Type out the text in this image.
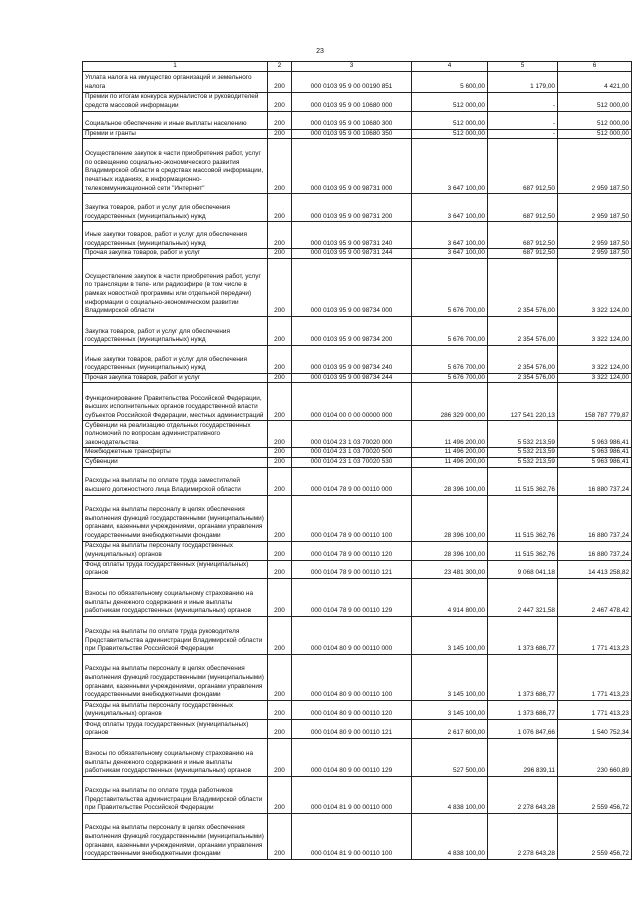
23
1	2	3	4	5	6
Уплата налога на имущество организаций и земельного налога	200	000 0103 95 9 00 00190 851	5 600,00	1 179,00	4 421,00
Премии по итогам конкурса журналистов и руководителей средств массовой информации	200	000 0103 95 9 00 10680 000	512 000,00	-	512 000,00
Социальное обеспечение и иные выплаты населению	200	000 0103 95 9 00 10680 300	512 000,00	-	512 000,00
Премии и гранты	200	000 0103 95 9 00 10680 350	512 000,00	-	512 000,00
Осуществление закупок в части приобретения работ, услуг по освещению социально-экономического развития Владимирской области в средствах массовой информации, печатных изданиях, в информационно-телекоммуникационной сети "Интернет"	200	000 0103 95 9 00 98731 000	3 647 100,00	687 912,50	2 959 187,50
Закупка товаров, работ и услуг для обеспечения государственных (муниципальных) нужд	200	000 0103 95 9 00 98731 200	3 647 100,00	687 912,50	2 959 187,50
Иные закупки товаров, работ и услуг для обеспечения государственных (муниципальных) нужд	200	000 0103 95 9 00 98731 240	3 647 100,00	687 912,50	2 959 187,50
Прочая закупка товаров, работ и услуг	200	000 0103 95 9 00 98731 244	3 647 100,00	687 912,50	2 959 187,50
Осуществление закупок в части приобретения работ, услуг по трансляции в теле- или радиоэфире (в том числе в рамках новостной программы или отдельной передачи) информации о социально-экономическом развитии Владимирской области	200	000 0103 95 9 00 98734 000	5 676 700,00	2 354 576,00	3 322 124,00
Закупка товаров, работ и услуг для обеспечения государственных (муниципальных) нужд	200	000 0103 95 9 00 98734 200	5 676 700,00	2 354 576,00	3 322 124,00
Иные закупки товаров, работ и услуг для обеспечения государственных (муниципальных) нужд	200	000 0103 95 9 00 98734 240	5 676 700,00	2 354 576,00	3 322 124,00
Прочая закупка товаров, работ и услуг	200	000 0103 95 9 00 98734 244	5 676 700,00	2 354 576,00	3 322 124,00
Функционирование Правительства Российской Федерации, высших исполнительных органов государственной власти субъектов Российской Федерации, местных администраций	200	000 0104 00 0 00 00000 000	286 329 000,00	127 541 220,13	158 787 779,87
Субвенции на реализацию отдельных государственных полномочий по вопросам административного законодательства	200	000 0104 23 1 03 70020 000	11 496 200,00	5 532 213,59	5 963 986,41
Межбюджетные трансферты	200	000 0104 23 1 03 70020 500	11 496 200,00	5 532 213,59	5 963 986,41
Субвенции	200	000 0104 23 1 03 70020 530	11 496 200,00	5 532 213,59	5 963 986,41
Расходы на выплаты по оплате труда заместителей высшего должностного лица Владимирской области	200	000 0104 78 9 00 00110 000	28 396 100,00	11 515 362,76	16 880 737,24
Расходы на выплаты персоналу в целях обеспечения выполнения функций государственными (муниципальными) органами, казенными учреждениями, органами управления государственными внебюджетными фондами	200	000 0104 78 9 00 00110 100	28 396 100,00	11 515 362,76	16 880 737,24
Расходы на выплаты персоналу государственных (муниципальных) органов	200	000 0104 78 9 00 00110 120	28 396 100,00	11 515 362,76	16 880 737,24
Фонд оплаты труда государственных (муниципальных) органов	200	000 0104 78 9 00 00110 121	23 481 300,00	9 068 041,18	14 413 258,82
Взносы по обязательному социальному страхованию на выплаты денежного содержания и иные выплаты работникам государственных (муниципальных) органов	200	000 0104 78 9 00 00110 129	4 914 800,00	2 447 321,58	2 467 478,42
Расходы на выплаты по оплате труда руководителя Представительства администрации Владимирской области при Правительстве Российской Федерации	200	000 0104 80 9 00 00110 000	3 145 100,00	1 373 686,77	1 771 413,23
Расходы на выплаты персоналу в целях обеспечения выполнения функций государственными (муниципальными) органами, казенными учреждениями, органами управления государственными внебюджетными фондами	200	000 0104 80 9 00 00110 100	3 145 100,00	1 373 686,77	1 771 413,23
Расходы на выплаты персоналу государственных (муниципальных) органов	200	000 0104 80 9 00 00110 120	3 145 100,00	1 373 686,77	1 771 413,23
Фонд оплаты труда государственных (муниципальных) органов	200	000 0104 80 9 00 00110 121	2 617 600,00	1 076 847,66	1 540 752,34
Взносы по обязательному социальному страхованию на выплаты денежного содержания и иные выплаты работникам государственных (муниципальных) органов	200	000 0104 80 9 00 00110 129	527 500,00	296 839,11	230 660,89
Расходы на выплаты по оплате труда работников Представительства администрации Владимирской области при Правительстве Российской Федерации	200	000 0104 81 9 00 00110 000	4 838 100,00	2 278 643,28	2 559 456,72
Расходы на выплаты персоналу в целях обеспечения выполнения функций государственными (муниципальными) органами, казенными учреждениями, органами управления государственными внебюджетными фондами	200	000 0104 81 9 00 00110 100	4 838 100,00	2 278 643,28	2 559 456,72
